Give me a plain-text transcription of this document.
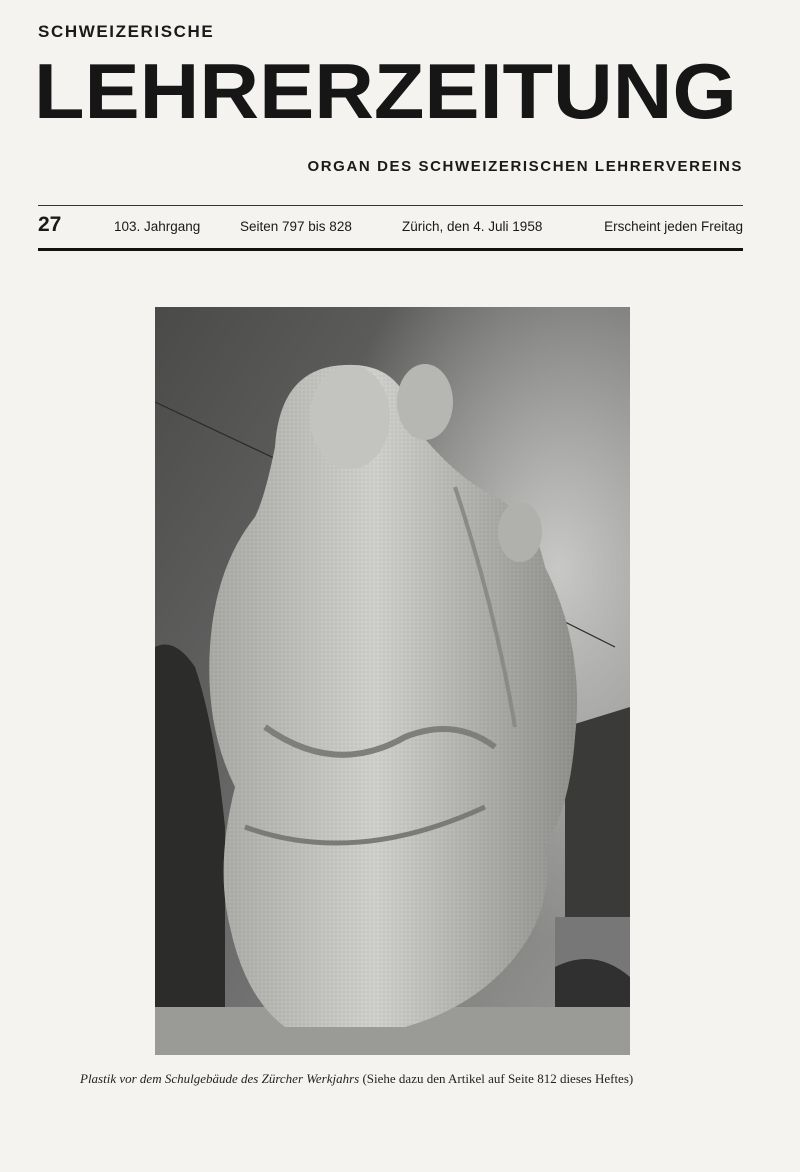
SCHWEIZERISCHE
LEHRERZEITUNG
ORGAN DES SCHWEIZERISCHEN LEHRERVEREINS
27	103. Jahrgang	Seiten 797 bis 828	Zürich, den 4. Juli 1958	Erscheint jeden Freitag
Plastik vor dem Schulgebäude des Zürcher Werkjahrs (Siehe dazu den Artikel auf Seite 812 dieses Heftes)
